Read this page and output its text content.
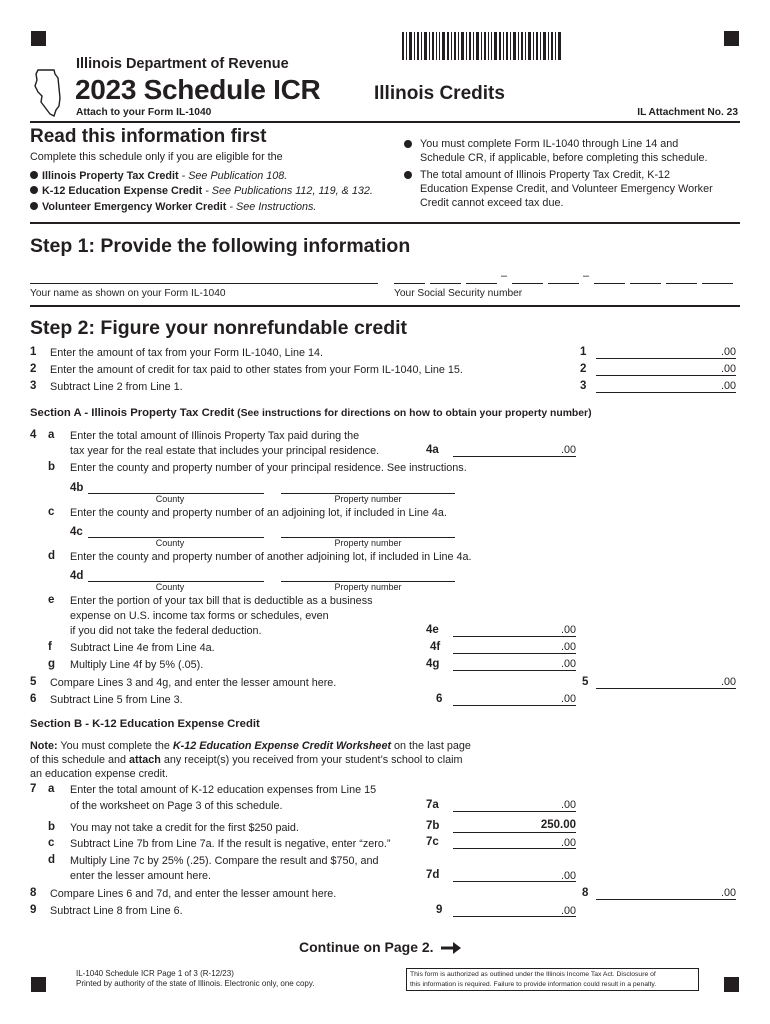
Illinois Department of Revenue
2023 Schedule ICR	Illinois Credits
Attach to your Form IL-1040	IL Attachment No. 23
Read this information first
Complete this schedule only if you are eligible for the
Illinois Property Tax Credit - See Publication 108.
K-12 Education Expense Credit - See Publications 112, 119, & 132.
Volunteer Emergency Worker Credit - See Instructions.
You must complete Form IL-1040 through Line 14 and
Schedule CR, if applicable, before completing this schedule.
The total amount of Illinois Property Tax Credit, K-12
Education Expense Credit, and Volunteer Emergency Worker
Credit cannot exceed tax due.
Step 1: Provide the following information
Your name as shown on your Form IL-1040
–	–
Your Social Security number
Step 2: Figure your nonrefundable credit
1 Enter the amount of tax from your Form IL-1040, Line 14.	1	.00
2 Enter the amount of credit for tax paid to other states from your Form IL-1040, Line 15.	2	.00
3 Subtract Line 2 from Line 1.	3	.00
Section A - Illinois Property Tax Credit (See instructions for directions on how to obtain your property number)
4 a Enter the total amount of Illinois Property Tax paid during the
tax year for the real estate that includes your principal residence.	4a	.00
b Enter the county and property number of your principal residence. See instructions.
4b
County	Property number
c Enter the county and property number of an adjoining lot, if included in Line 4a.
4c
County	Property number
d Enter the county and property number of another adjoining lot, if included in Line 4a.
4d
County	Property number
e Enter the portion of your tax bill that is deductible as a business
expense on U.S. income tax forms or schedules, even
if you did not take the federal deduction.	4e	.00
f Subtract Line 4e from Line 4a.	4f	.00
g Multiply Line 4f by 5% (.05).	4g	.00
5 Compare Lines 3 and 4g, and enter the lesser amount here.	5	.00
6 Subtract Line 5 from Line 3.	6	.00
Section B - K-12 Education Expense Credit
Note: You must complete the K-12 Education Expense Credit Worksheet on the last page
of this schedule and attach any receipt(s) you received from your student’s school to claim
an education expense credit.
7 a Enter the total amount of K-12 education expenses from Line 15
of the worksheet on Page 3 of this schedule.	7a	.00
b You may not take a credit for the first $250 paid.	7b	250.00
c Subtract Line 7b from Line 7a. If the result is negative, enter “zero.”	7c	.00
d Multiply Line 7c by 25% (.25). Compare the result and $750, and
enter the lesser amount here.	7d	.00
8 Compare Lines 6 and 7d, and enter the lesser amount here.	8	.00
9 Subtract Line 8 from Line 6.	9	.00
Continue on Page 2.
IL-1040 Schedule ICR Page 1 of 3 (R-12/23)
Printed by authority of the state of Illinois. Electronic only, one copy.
This form is authorized as outlined under the Illinois Income Tax Act. Disclosure of
this information is required. Failure to provide information could result in a penalty.
